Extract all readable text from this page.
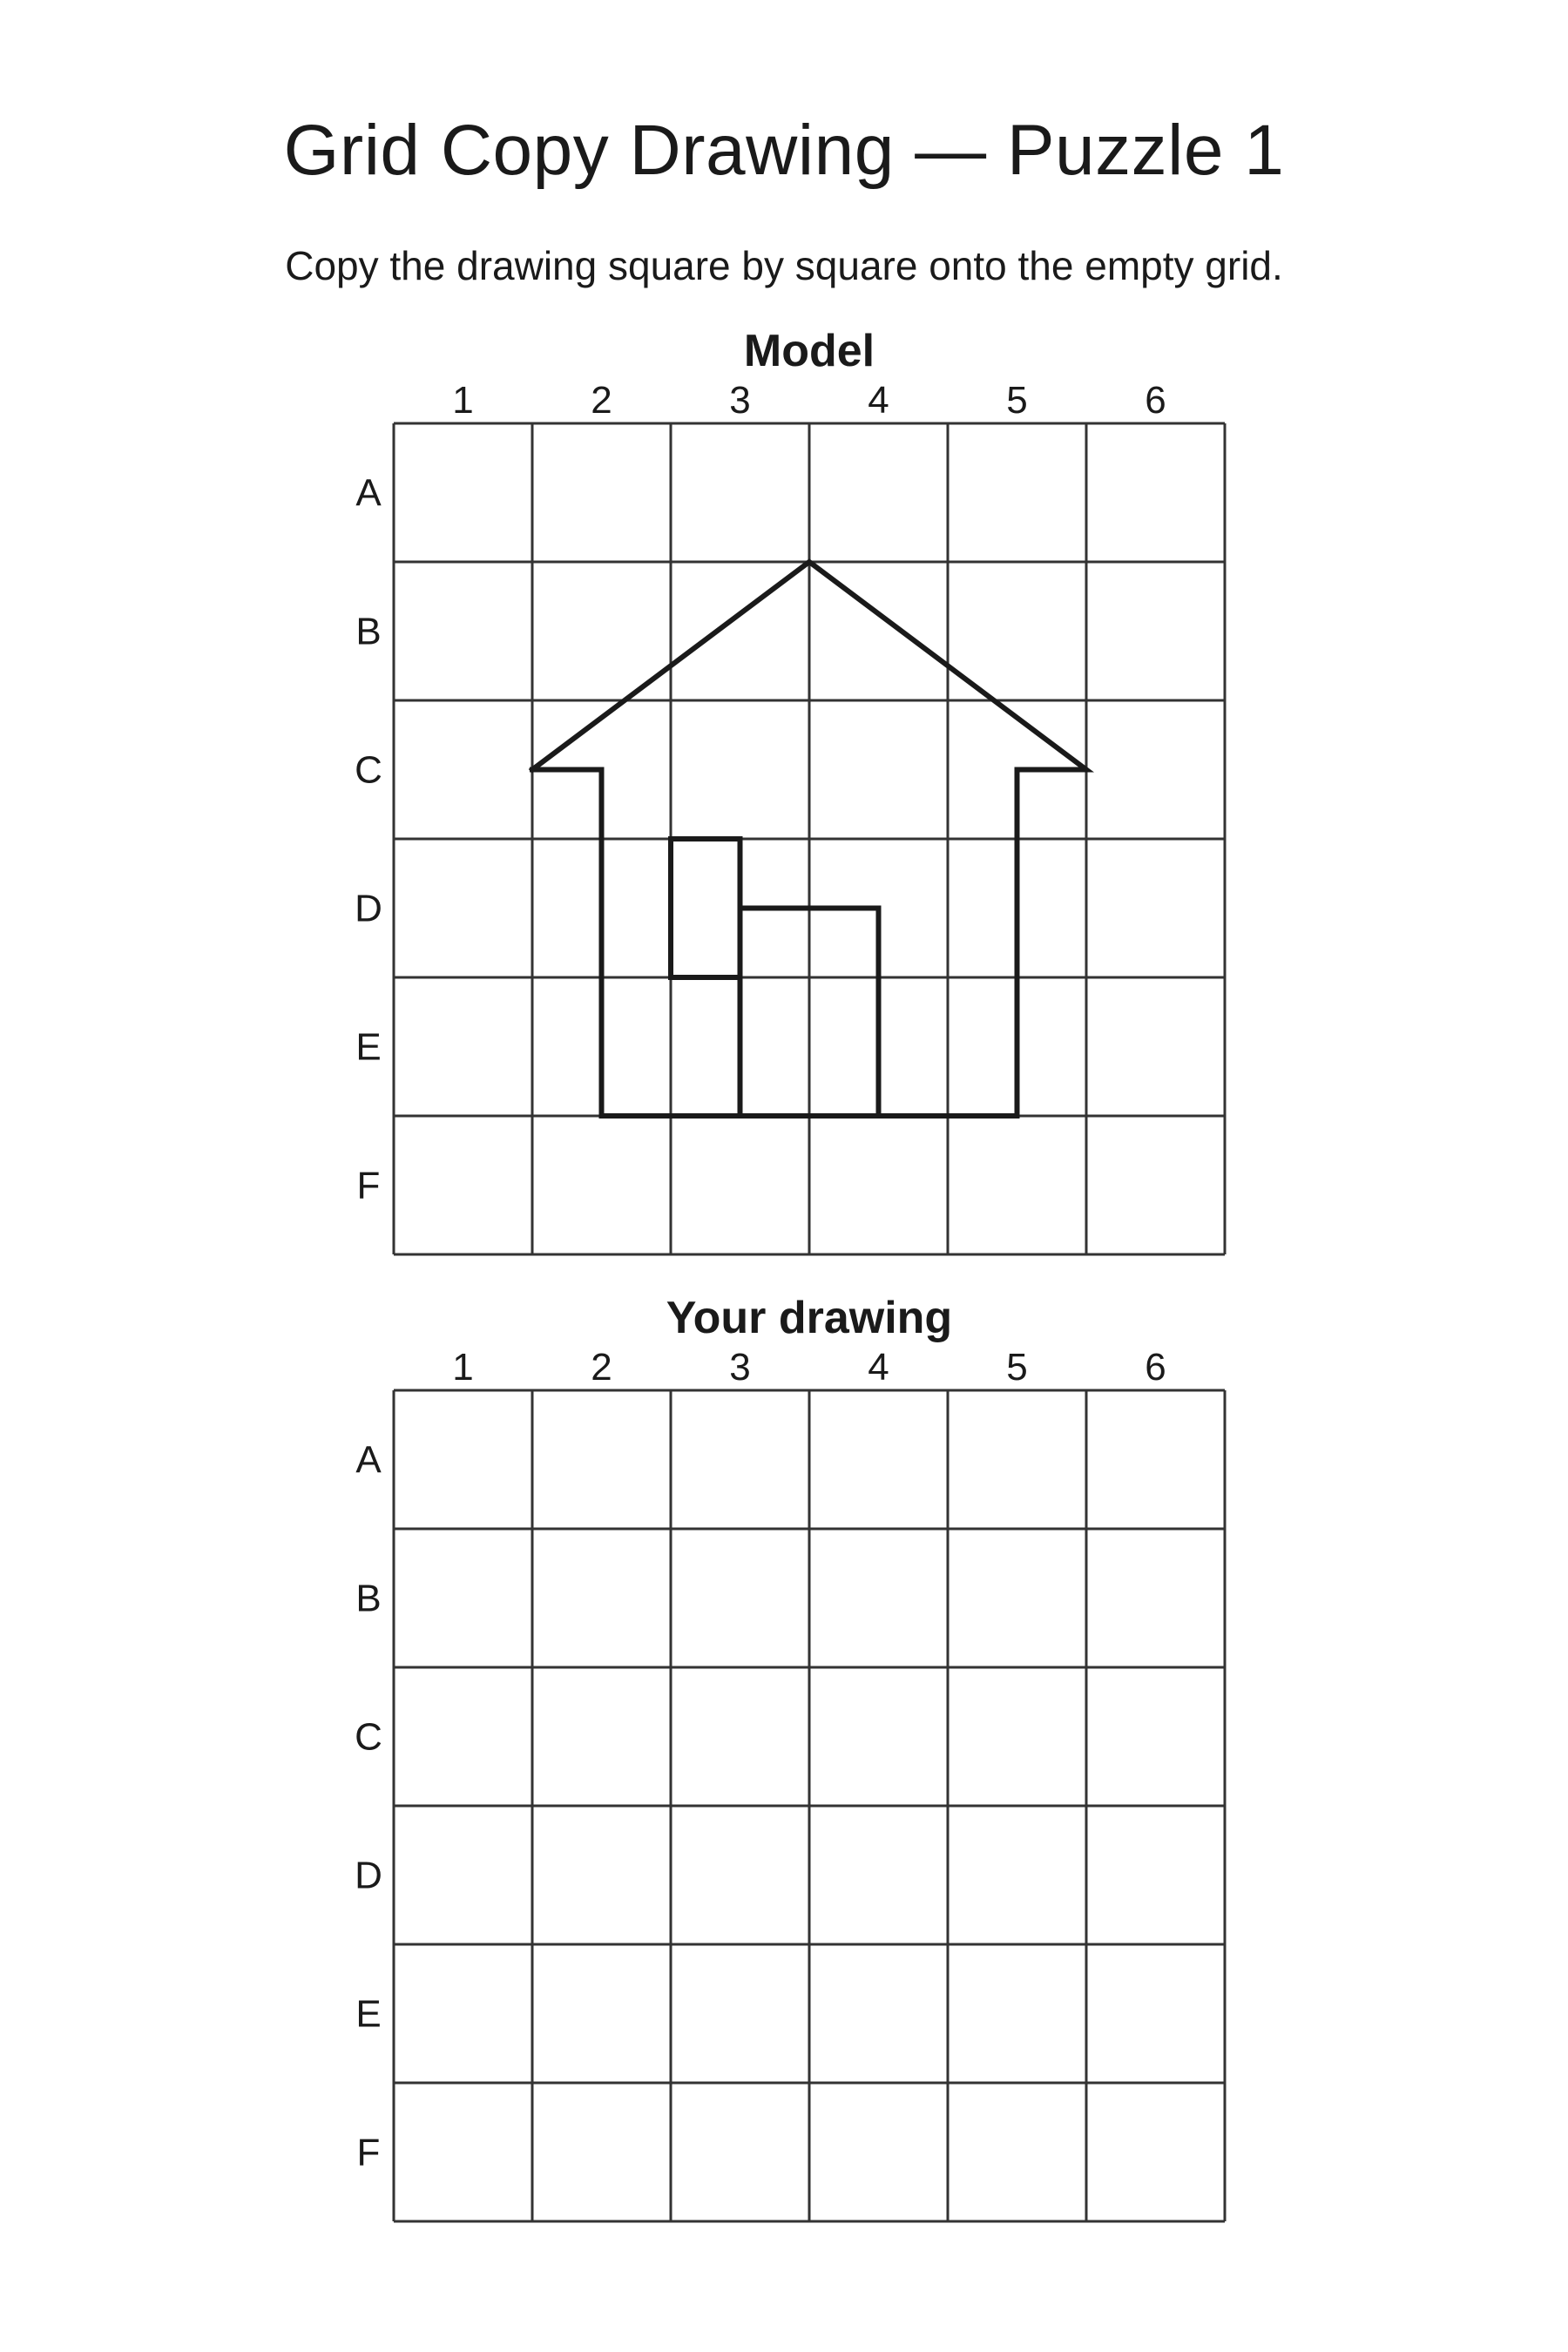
Grid Copy Drawing — Puzzle 1

Copy the drawing square by square onto the empty grid.

Model
1	2	3	4	5	6
A
B
C
D
E
F
Your drawing
1	2	3	4	5	6
A
B
C
D
E
F
